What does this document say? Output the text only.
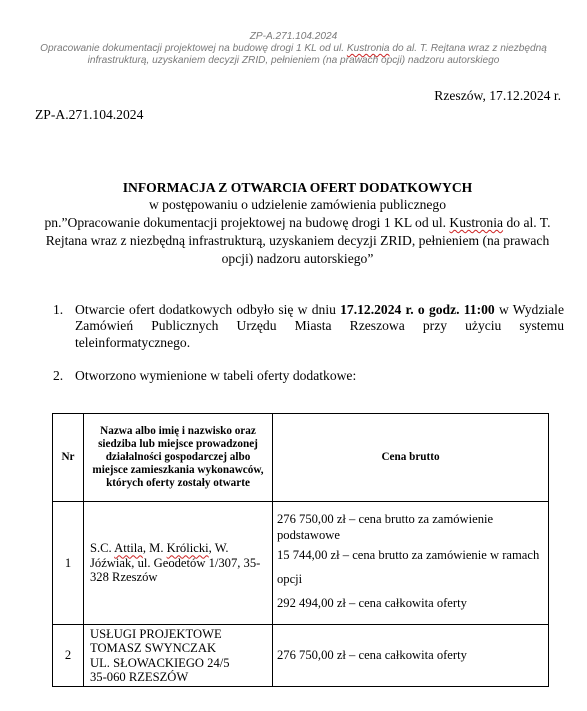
ZP-A.271.104.2024
Opracowanie dokumentacji projektowej na budowę drogi 1 KL od ul. Kustronia do al. T. Rejtana wraz z niezbędną
infrastrukturą, uzyskaniem decyzji ZRID, pełnieniem (na prawach opcji) nadzoru autorskiego
Rzeszów, 17.12.2024 r.
ZP-A.271.104.2024
INFORMACJA Z OTWARCIA OFERT DODATKOWYCH
w postępowaniu o udzielenie zamówienia publicznego
pn.”Opracowanie dokumentacji projektowej na budowę drogi 1 KL od ul. Kustronia do al. T. Rejtana wraz z niezbędną infrastrukturą, uzyskaniem decyzji ZRID, pełnieniem (na prawach opcji) nadzoru autorskiego”
1. Otwarcie ofert dodatkowych odbyło się w dniu 17.12.2024 r. o godz. 11:00 w Wydziale Zamówień Publicznych Urzędu Miasta Rzeszowa przy użyciu systemu teleinformatycznego.
2. Otworzono wymienione w tabeli oferty dodatkowe:
Nr	Nazwa albo imię i nazwisko oraz siedziba lub miejsce prowadzonej działalności gospodarczej albo miejsce zamieszkania wykonawców, których oferty zostały otwarte	Cena brutto
1	S.C. Attila, M. Królicki, W. Jóźwiak, ul. Geodetów 1/307, 35-328 Rzeszów	276 750,00 zł – cena brutto za zamówienie podstawowe
15 744,00 zł – cena brutto za zamówienie w ramach opcji
292 494,00 zł – cena całkowita oferty

2	USŁUGI PROJEKTOWE
TOMASZ SWYNCZAK
UL. SŁOWACKIEGO 24/5
35-060 RZESZÓW	276 750,00 zł – cena całkowita oferty
